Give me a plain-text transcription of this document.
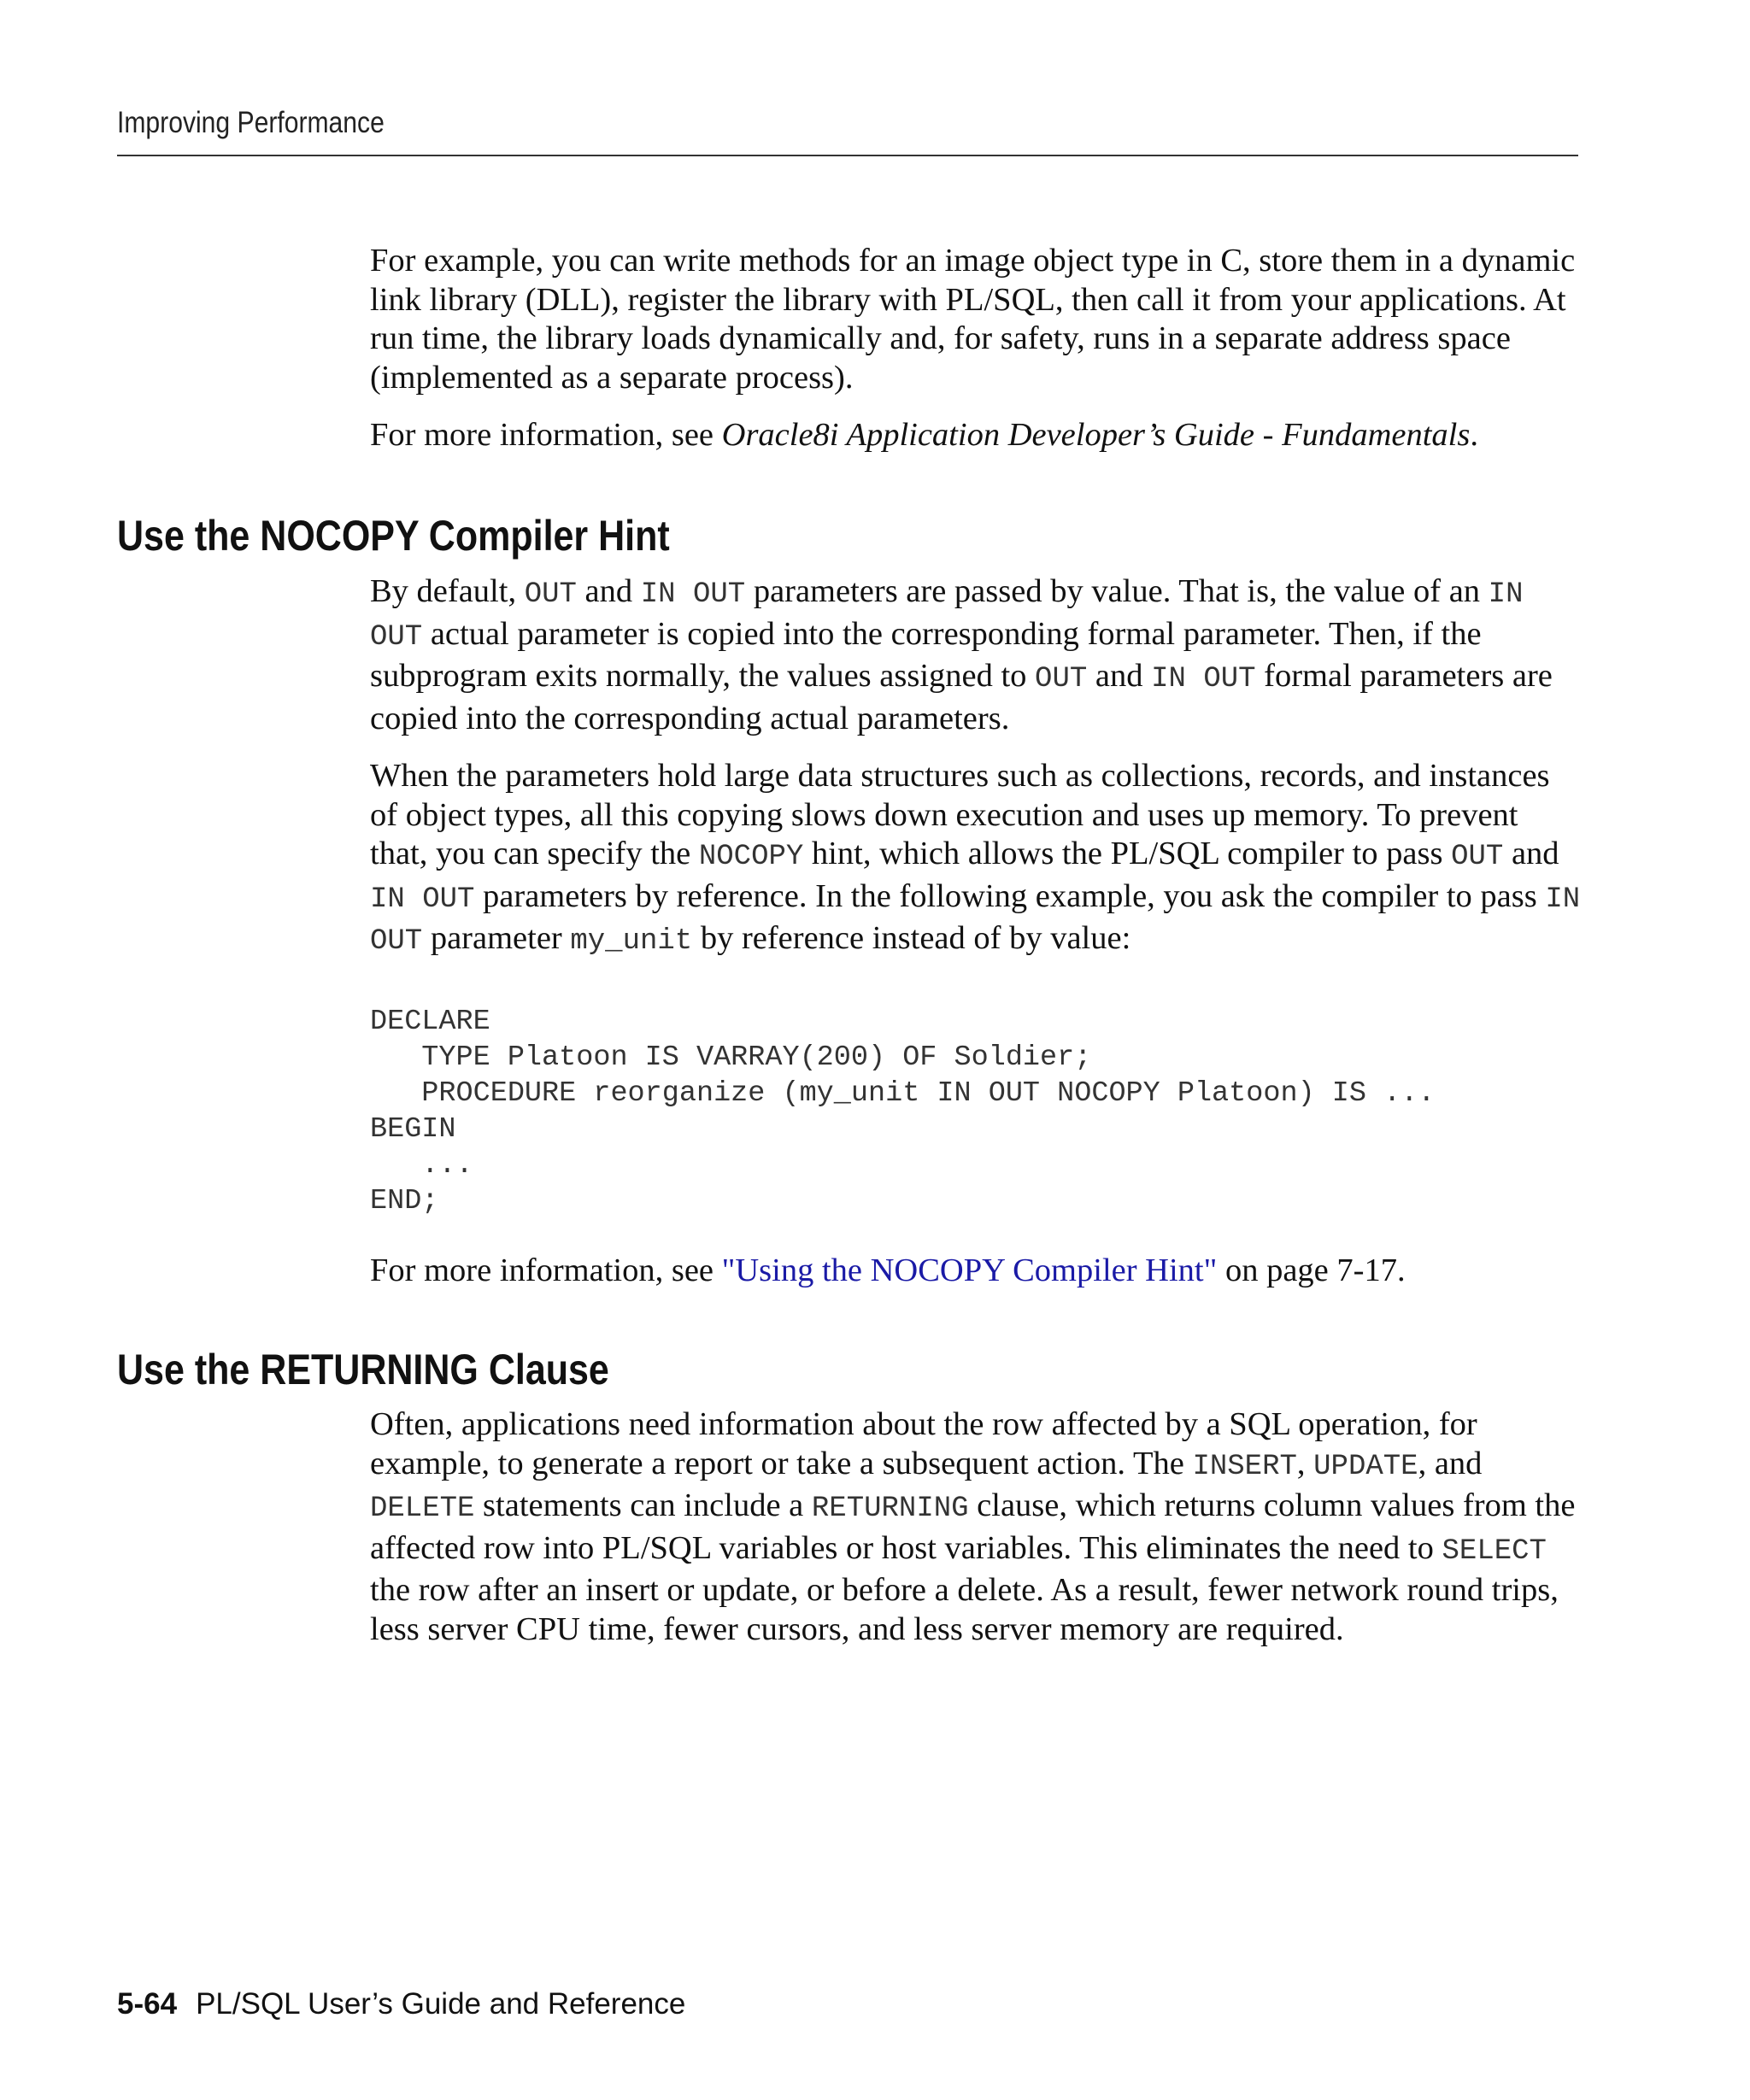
Improving Performance

For example, you can write methods for an image object type in C, store them in a dynamic link library (DLL), register the library with PL/SQL, then call it from your applications. At run time, the library loads dynamically and, for safety, runs in a separate address space (implemented as a separate process).

For more information, see Oracle8i Application Developer’s Guide - Fundamentals.

Use the NOCOPY Compiler Hint

By default, OUT and IN OUT parameters are passed by value. That is, the value of an IN OUT actual parameter is copied into the corresponding formal parameter. Then, if the subprogram exits normally, the values assigned to OUT and IN OUT formal parameters are copied into the corresponding actual parameters.

When the parameters hold large data structures such as collections, records, and instances of object types, all this copying slows down execution and uses up memory. To prevent that, you can specify the NOCOPY hint, which allows the PL/SQL compiler to pass OUT and IN OUT parameters by reference. In the following example, you ask the compiler to pass IN OUT parameter my_unit by reference instead of by value:

DECLARE
TYPE Platoon IS VARRAY(200) OF Soldier;
PROCEDURE reorganize (my_unit IN OUT NOCOPY Platoon) IS ...
BEGIN
...
END;

For more information, see "Using the NOCOPY Compiler Hint" on page 7-17.

Use the RETURNING Clause

Often, applications need information about the row affected by a SQL operation, for example, to generate a report or take a subsequent action. The INSERT, UPDATE, and DELETE statements can include a RETURNING clause, which returns column values from the affected row into PL/SQL variables or host variables. This eliminates the need to SELECT the row after an insert or update, or before a delete. As a result, fewer network round trips, less server CPU time, fewer cursors, and less server memory are required.

5-64 PL/SQL User’s Guide and Reference
